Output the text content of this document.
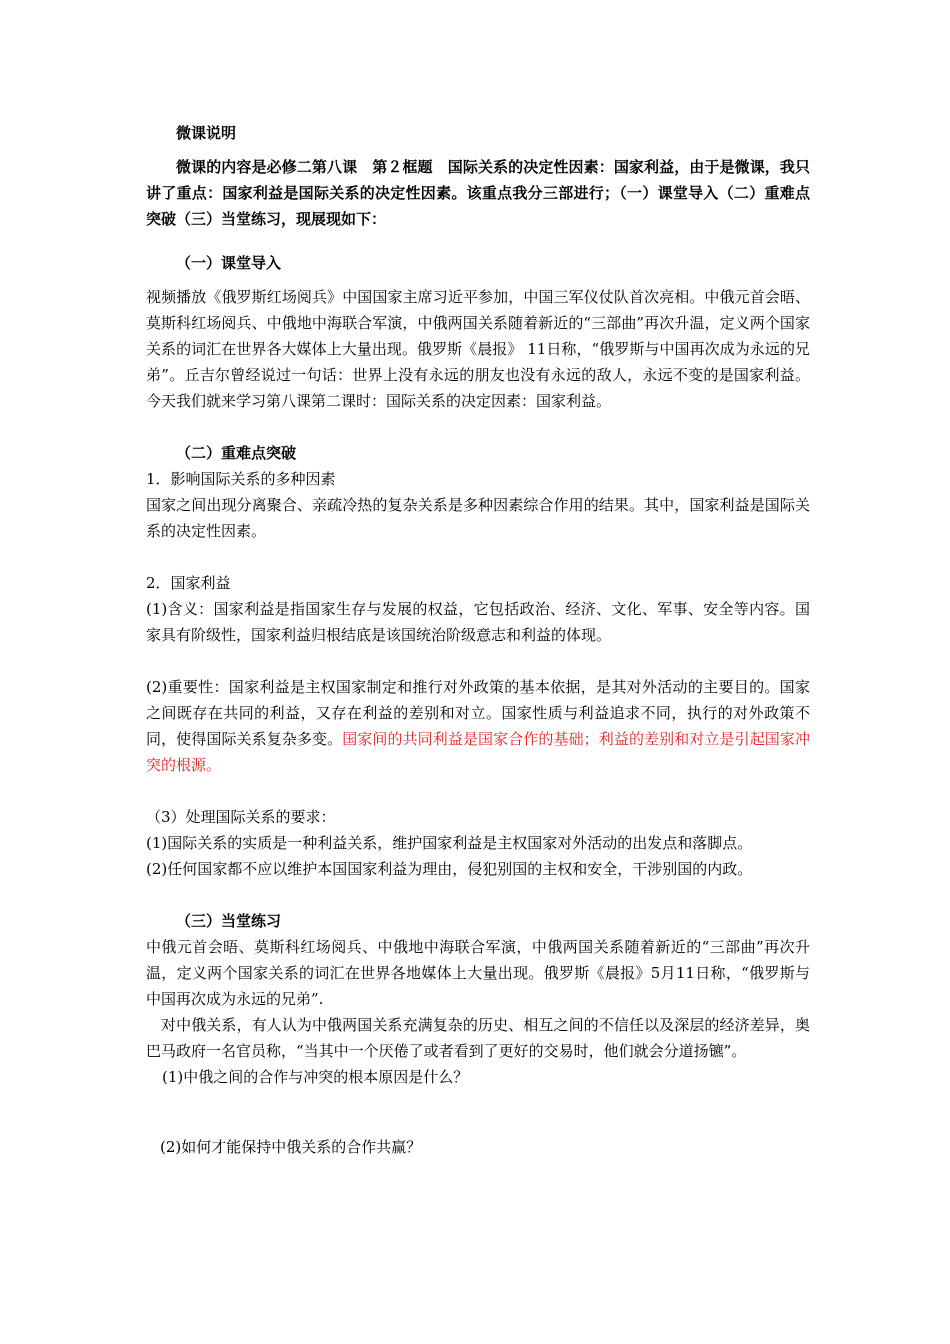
微课说明

微课的内容是必修二第八课　第２框题　国际关系的决定性因素：国家利益，由于是微课，我只讲了重点：国家利益是国际关系的决定性因素。该重点我分三部进行；（一）课堂导入（二）重难点突破（三）当堂练习，现展现如下：

（一）课堂导入

视频播放《俄罗斯红场阅兵》中国国家主席习近平参加，中国三军仪仗队首次亮相。中俄元首会晤、莫斯科红场阅兵、中俄地中海联合军演，中俄两国关系随着新近的“三部曲”再次升温，定义两个国家关系的词汇在世界各大媒体上大量出现。俄罗斯《晨报》 11日称，“俄罗斯与中国再次成为永远的兄弟”。丘吉尔曾经说过一句话：世界上没有永远的朋友也没有永远的敌人，永远不变的是国家利益。今天我们就来学习第八课第二课时：国际关系的决定因素：国家利益。

（二）重难点突破

1．影响国际关系的多种因素

国家之间出现分离聚合、亲疏冷热的复杂关系是多种因素综合作用的结果。其中，国家利益是国际关系的决定性因素。

2．国家利益

(1)含义：国家利益是指国家生存与发展的权益，它包括政治、经济、文化、军事、安全等内容。国家具有阶级性，国家利益归根结底是该国统治阶级意志和利益的体现。

(2)重要性：国家利益是主权国家制定和推行对外政策的基本依据，是其对外活动的主要目的。国家之间既存在共同的利益，又存在利益的差别和对立。国家性质与利益追求不同，执行的对外政策不同，使得国际关系复杂多变。国家间的共同利益是国家合作的基础；利益的差别和对立是引起国家冲突的根源。

（3）处理国际关系的要求：

(1)国际关系的实质是一种利益关系，维护国家利益是主权国家对外活动的出发点和落脚点。

(2)任何国家都不应以维护本国国家利益为理由，侵犯别国的主权和安全，干涉别国的内政。

（三）当堂练习

中俄元首会晤、莫斯科红场阅兵、中俄地中海联合军演，中俄两国关系随着新近的“三部曲”再次升温，定义两个国家关系的词汇在世界各地媒体上大量出现。俄罗斯《晨报》5月11日称，“俄罗斯与中国再次成为永远的兄弟”.

对中俄关系，有人认为中俄两国关系充满复杂的历史、相互之间的不信任以及深层的经济差异，奥巴马政府一名官员称，“当其中一个厌倦了或者看到了更好的交易时，他们就会分道扬镳”。

(1)中俄之间的合作与冲突的根本原因是什么？

(2)如何才能保持中俄关系的合作共赢？
